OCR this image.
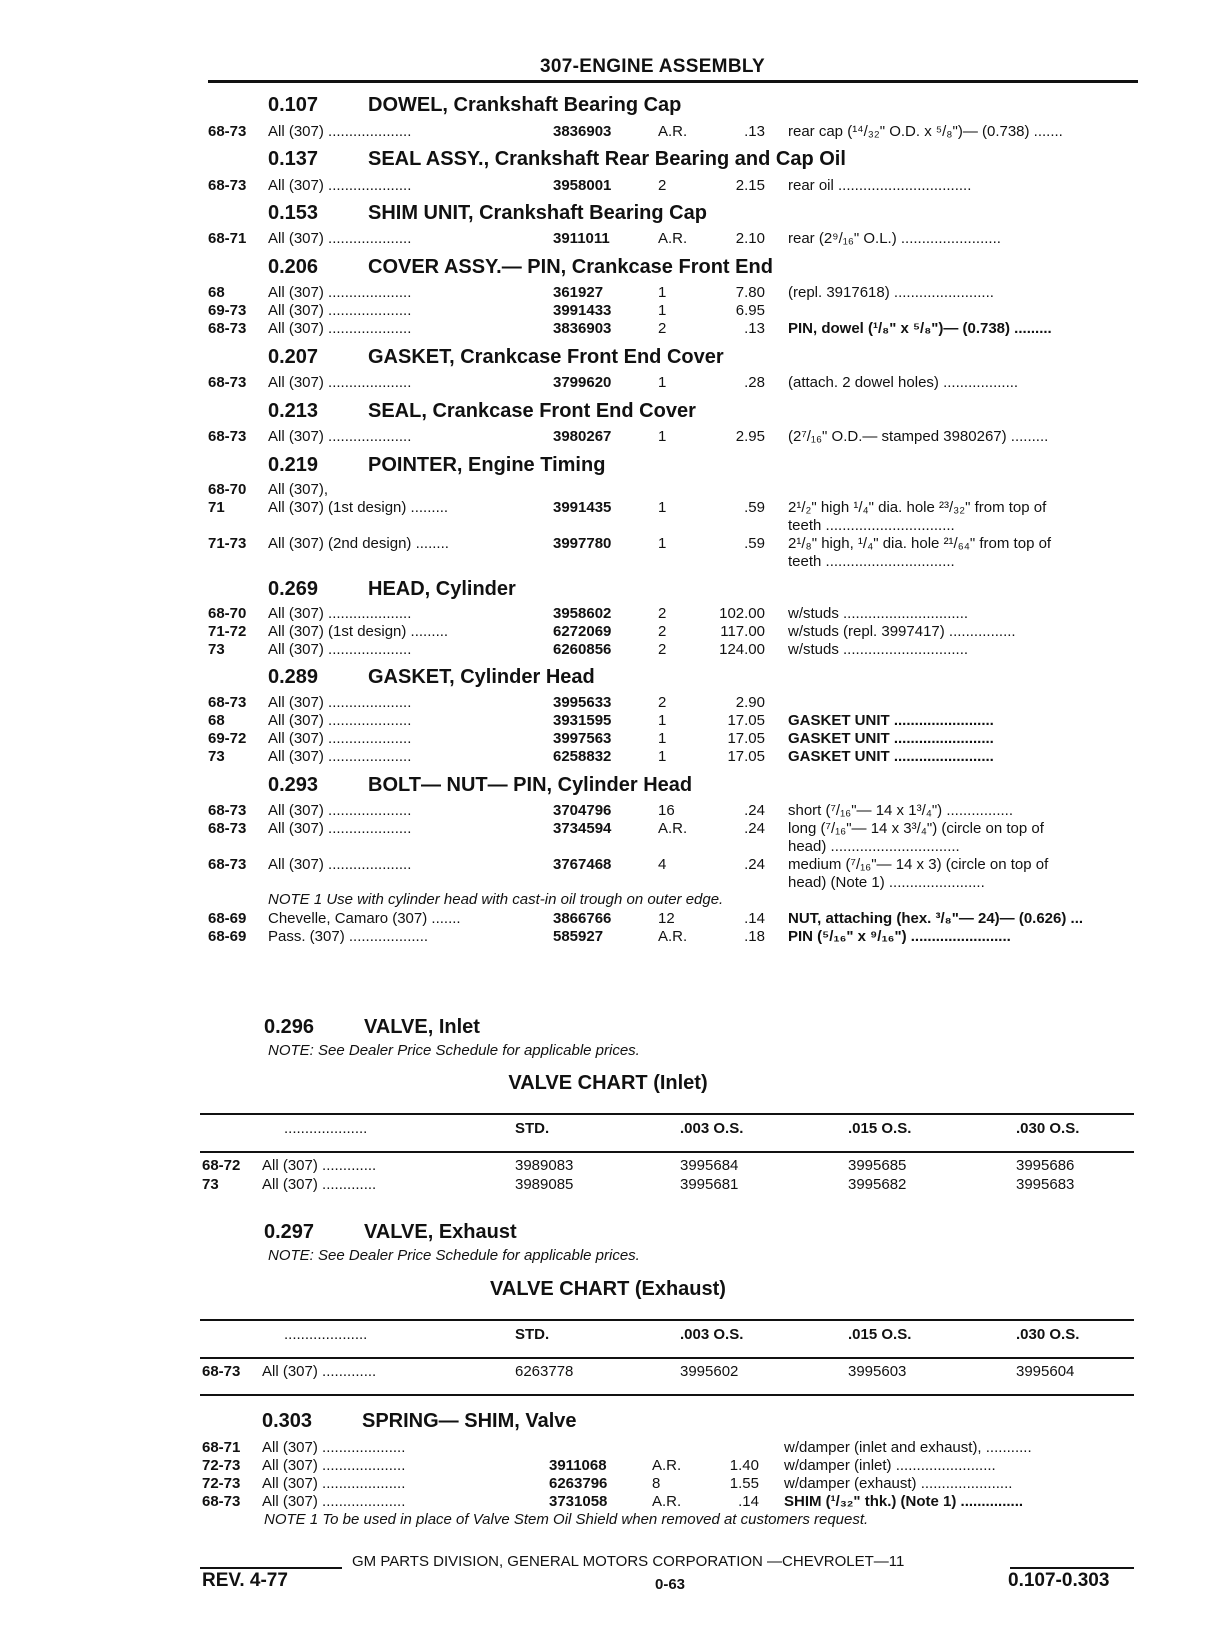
307-ENGINE ASSEMBLY
0.107 DOWEL, Crankshaft Bearing Cap
68-73 All (307) ....................	3836903	A.R.	.13 rear cap (¹⁴/₃₂" O.D. x ⁵/₈")— (0.738) .......
0.137 SEAL ASSY., Crankshaft Rear Bearing and Cap Oil
68-73 All (307) ....................	3958001	2	2.15 rear oil ................................
0.153 SHIM UNIT, Crankshaft Bearing Cap
68-71 All (307) ....................	3911011	A.R.	2.10 rear (2⁹/₁₆" O.L.) ........................
0.206 COVER ASSY.— PIN, Crankcase Front End
68	All (307) ....................	361927	1	7.80 (repl. 3917618) ........................
69-73 All (307) ....................	3991433	1	6.95
68-73 All (307) ....................	3836903	2	.13 PIN, dowel (¹/₈" x ⁵/₈")— (0.738) .........
0.207 GASKET, Crankcase Front End Cover
68-73 All (307) ....................	3799620	1	.28 (attach. 2 dowel holes) ..................
0.213 SEAL, Crankcase Front End Cover
68-73 All (307) ....................	3980267	1	2.95 (2⁷/₁₆" O.D.— stamped 3980267) .........
0.219 POINTER, Engine Timing
68-70 All (307),
71	All (307) (1st design) .........	3991435	1	.59 2¹/₂" high ¹/₄" dia. hole ²³/₃₂" from top of
teeth ...............................
71-73 All (307) (2nd design) ........	3997780	1	.59 2¹/₈" high, ¹/₄" dia. hole ²¹/₆₄" from top of
teeth ...............................
0.269 HEAD, Cylinder
68-70 All (307) ....................	3958602	2	102.00 w/studs ..............................
71-72 All (307) (1st design) .........	6272069	2	117.00 w/studs (repl. 3997417) ................
73	All (307) ....................	6260856	2	124.00 w/studs ..............................
0.289 GASKET, Cylinder Head
68-73 All (307) ....................	3995633	2	2.90
68	All (307) ....................	3931595	1	17.05 GASKET UNIT ........................
69-72 All (307) ....................	3997563	1	17.05 GASKET UNIT ........................
73	All (307) ....................	6258832	1	17.05 GASKET UNIT ........................
0.293 BOLT— NUT— PIN, Cylinder Head
68-73 All (307) ....................	3704796	16	.24 short (⁷/₁₆"— 14 x 1³/₄") ................
68-73 All (307) ....................	3734594	A.R.	.24 long (⁷/₁₆"— 14 x 3³/₄") (circle on top of
head) ...............................
68-73 All (307) ....................	3767468	4	.24 medium (⁷/₁₆"— 14 x 3) (circle on top of
head) (Note 1) .......................
NOTE 1 Use with cylinder head with cast-in oil trough on outer edge.
68-69 Chevelle, Camaro (307) .......	3866766	12	.14 NUT, attaching (hex. ³/₈"— 24)— (0.626) ...
68-69 Pass. (307) ...................	585927	A.R.	.18 PIN (⁵/₁₆" x ⁹/₁₆") ........................
0.296 VALVE, Inlet
NOTE: See Dealer Price Schedule for applicable prices.
VALVE CHART (Inlet)
....................	STD.	.003 O.S.	.015 O.S.	.030 O.S.
68-72 All (307) .............	3989083	3995684	3995685	3995686
73	All (307) .............	3989085	3995681	3995682	3995683
0.297 VALVE, Exhaust
NOTE: See Dealer Price Schedule for applicable prices.
VALVE CHART (Exhaust)
....................	STD.	.003 O.S.	.015 O.S.	.030 O.S.
68-73 All (307) .............	6263778	3995602	3995603	3995604
0.303 SPRING— SHIM, Valve
68-71 All (307) ....................	w/damper (inlet and exhaust), ...........
72-73 All (307) ....................	3911068	A.R.	1.40 w/damper (inlet) ........................
72-73 All (307) ....................	6263796	8	1.55 w/damper (exhaust) ......................
68-73 All (307) ....................	3731058	A.R.	.14 SHIM (¹/₃₂" thk.) (Note 1) ...............
NOTE 1 To be used in place of Valve Stem Oil Shield when removed at customers request.
GM PARTS DIVISION, GENERAL MOTORS CORPORATION —CHEVROLET—11
REV. 4-77	0-63	0.107-0.303
